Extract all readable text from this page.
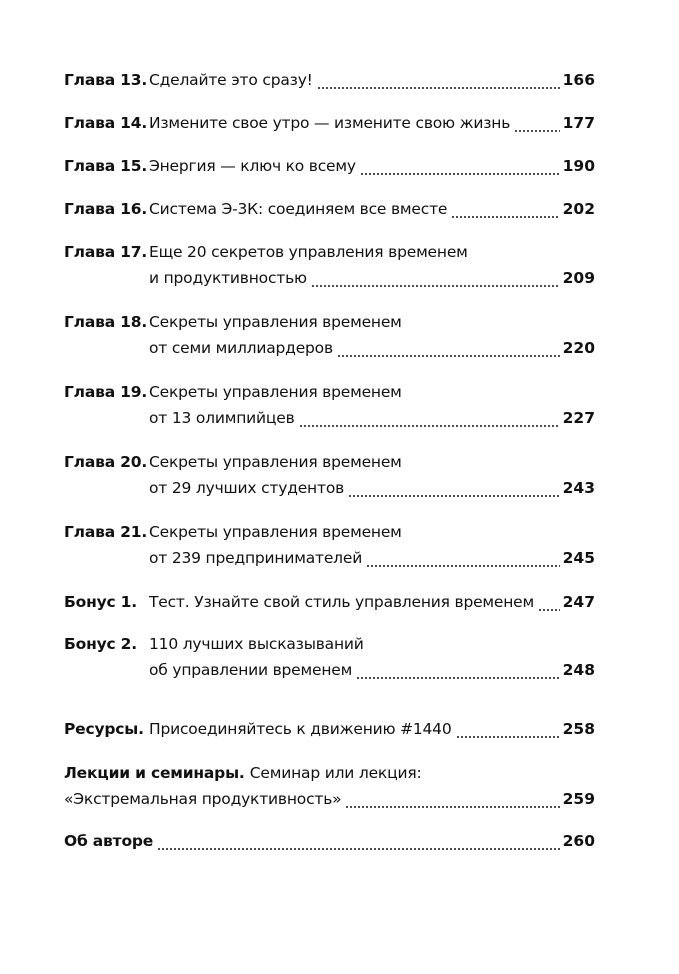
Глава 13. Сделайте это сразу!	166
Глава 14. Измените свое утро — измените свою жизнь	177
Глава 15. Энергия — ключ ко всему	190
Глава 16. Система Э-3К: соединяем все вместе	202
Глава 17. Еще 20 секретов управления временем
и продуктивностью	209
Глава 18. Секреты управления временем
от семи миллиардеров	220
Глава 19. Секреты управления временем
от 13 олимпийцев	227
Глава 20. Секреты управления временем
от 29 лучших студентов	243
Глава 21. Секреты управления временем
от 239 предпринимателей	245
Бонус 1. Тест. Узнайте свой стиль управления временем 247
Бонус 2. 110 лучших высказываний
об управлении временем	248
Ресурсы. Присоединяйтесь к движению #1440	258
Лекции и семинары. Семинар или лекция:
«Экстремальная продуктивность»	259
Об авторе	260
